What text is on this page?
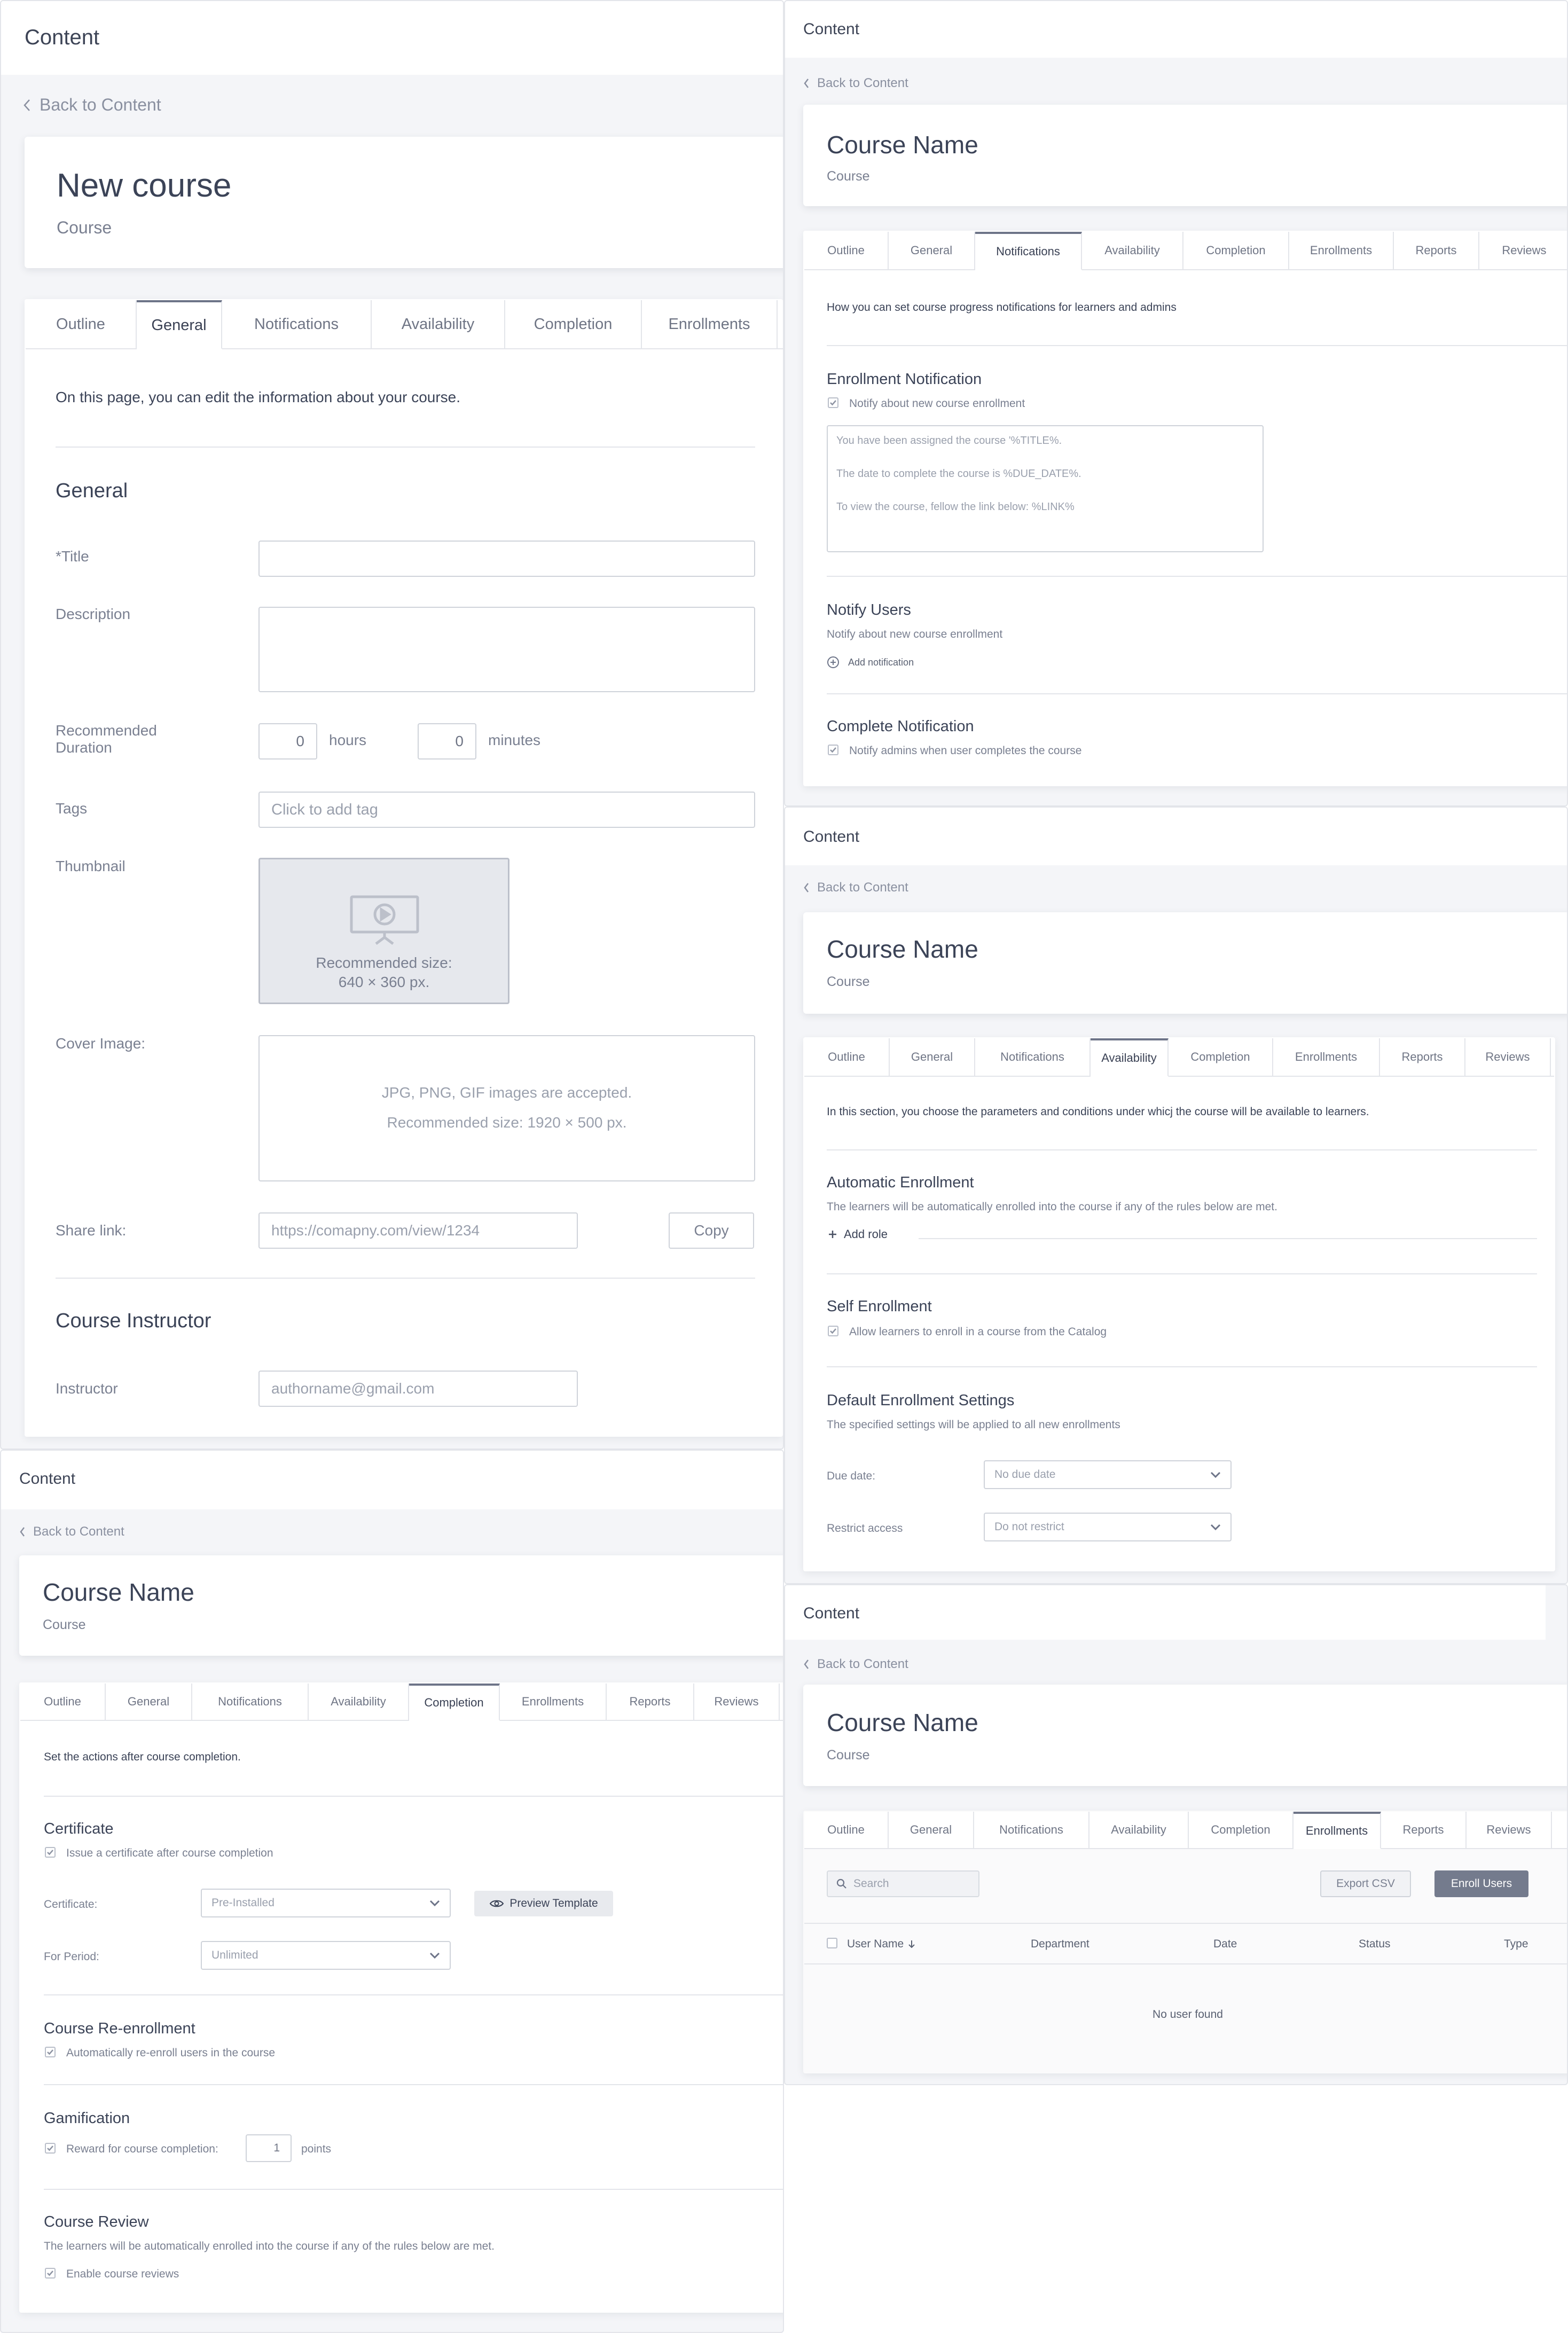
Content
Back to Content
New course
Course
Outline	General	Notifications	Availability	Completion	Enrollments
On this page, you can edit the information about your course.
General
*Title
Description
Recommended Duration	0 hours	0 minutes
Tags	Click to add tag
Thumbnail
Recommended size:
640 × 360 px.
Cover Image:
JPG, PNG, GIF images are accepted.
Recommended size: 1920 × 500 px.
Share link:	https://comapny.com/view/1234	Copy
Course Instructor
Instructor	authorname@gmail.com
Content
Back to Content
Course Name
Course
Outline	General	Notifications	Availability	Completion	Enrollments	Reports	Reviews
How you can set course progress notifications for learners and admins
Enrollment Notification
Notify about new course enrollment
You have been assigned the course '%TITLE%.
The date to complete the course is %DUE_DATE%.
To view the course, fellow the link below: %LINK%
Notify Users
Notify about new course enrollment
Add notification
Complete Notification
Notify admins when user completes the course
Content
Back to Content
Course Name
Course
Outline	General	Notifications	Availability	Completion	Enrollments	Reports	Reviews
In this section, you choose the parameters and conditions under whicj the course will be available to learners.
Automatic Enrollment
The learners will be automatically enrolled into the course if any of the rules below are met.
Add role
Self Enrollment
Allow learners to enroll in a course from the Catalog
Default Enrollment Settings
The specified settings will be applied to all new enrollments
Due date:	No due date
Restrict access	Do not restrict
Content
Back to Content
Course Name
Course
Outline	General	Notifications	Availability	Completion	Enrollments	Reports	Reviews
Set the actions after course completion.
Certificate
Issue a certificate after course completion
Certificate:	Pre-Installed	Preview Template
For Period:	Unlimited
Course Re-enrollment
Automatically re-enroll users in the course
Gamification
Reward for course completion:	1 points
Course Review
The learners will be automatically enrolled into the course if any of the rules below are met.
Enable course reviews
Content
Back to Content
Course Name
Course
Outline	General	Notifications	Availability	Completion	Enrollments	Reports	Reviews
Search	Export CSV	Enroll Users
User Name	Department	Date	Status	Type
No user found
